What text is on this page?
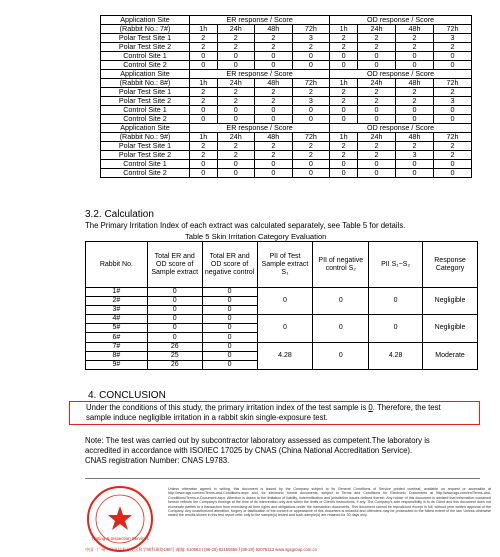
Application Site	ER response / Score				OD response / Score			
(Rabbit No.: 7#)	1h	24h	48h	72h	1h	24h	48h	72h
Polar Test Site 1	2	2	2	3	2	2	2	3
Polar Test Site 2	2	2	2	2	2	2	2	2
Control Site 1	0	0	0	0	0	0	0	0
Control Site 2	0	0	0	0	0	0	0	0
Application Site	ER response / Score				OD response / Score			
(Rabbit No.: 8#)	1h	24h	48h	72h	1h	24h	48h	72h
Polar Test Site 1	2	2	2	2	2	2	2	2
Polar Test Site 2	2	2	2	3	2	2	2	3
Control Site 1	0	0	0	0	0	0	0	0
Control Site 2	0	0	0	0	0	0	0	0
Application Site	ER response / Score				OD response / Score			
(Rabbit No.: 9#)	1h	24h	48h	72h	1h	24h	48h	72h
Polar Test Site 1	2	2	2	2	2	2	2	2
Polar Test Site 2	2	2	2	2	2	2	3	2
Control Site 1	0	0	0	0	0	0	0	0
Control Site 2	0	0	0	0	0	0	0	0
3.2. Calculation
The Primary Irritation Index of each extract was calculated separately, see Table 5 for details.
Table 5 Skin Irritation Category Evaluation
Rabbit No.	Total ER and OD score of Sample extract	Total ER and OD score of negative control	PII of Test Sample extract S₁	PII of negative control S₂	PII S₁−S₂	Response Category
1#	0	0	0	0	0	Negligible
2#	0	0				
3#	0	0				
4#	0	0	0	0	0	Negligible
5#	0	0				
6#	0	0				
7#	26	0	4.28	0	4.28	Moderate
8#	25	0				
9#	26	0				
4. CONCLUSION
Under the conditions of this study, the primary irritation index of the test sample is 0. Therefore, the test
sample induce negligible irritation in a rabbit skin single-exposure test.
Note: The test was carried out by subcontractor laboratory assessed as competent.The laboratory is
accredited in accordance with ISO/IEC 17025 by CNAS (China National Accreditation Service).
CNAS registration Number: CNAS L9783.
Testing & Inspection Services
Unless otherwise agreed in writing, this document is issued by the Company subject to its General Conditions of Service printed overleaf, available on request or accessible at http://www.sgs.com/en/Terms-and-Conditions.aspx and, for electronic format documents, subject to Terms and Conditions for Electronic Documents at http://www.sgs.com/en/Terms-and-Conditions/Terms-e-Document.aspx. Attention is drawn to the limitation of liability, indemnification and jurisdiction issues defined therein. Any holder of this document is advised that information contained hereon reflects the Company's findings at the time of its intervention only and within the limits of Client's instructions, if any. The Company's sole responsibility is to its Client and this document does not exonerate parties to a transaction from exercising all their rights and obligations under the transaction documents. This document cannot be reproduced except in full, without prior written approval of the Company. Any unauthorized alteration, forgery or falsification of the content or appearance of this document is unlawful and offenders may be prosecuted to the fullest extent of the law. Unless otherwise stated the results shown in this test report refer only to the sample(s) tested and such sample(s) are retained for 30 days only.
中国 · 广州 · 经济技术开发区科学城科珠路198号 邮编: 510663 t (86-20) 82155555 f (86-20) 82075113 www.sgsgroup.com.cn
